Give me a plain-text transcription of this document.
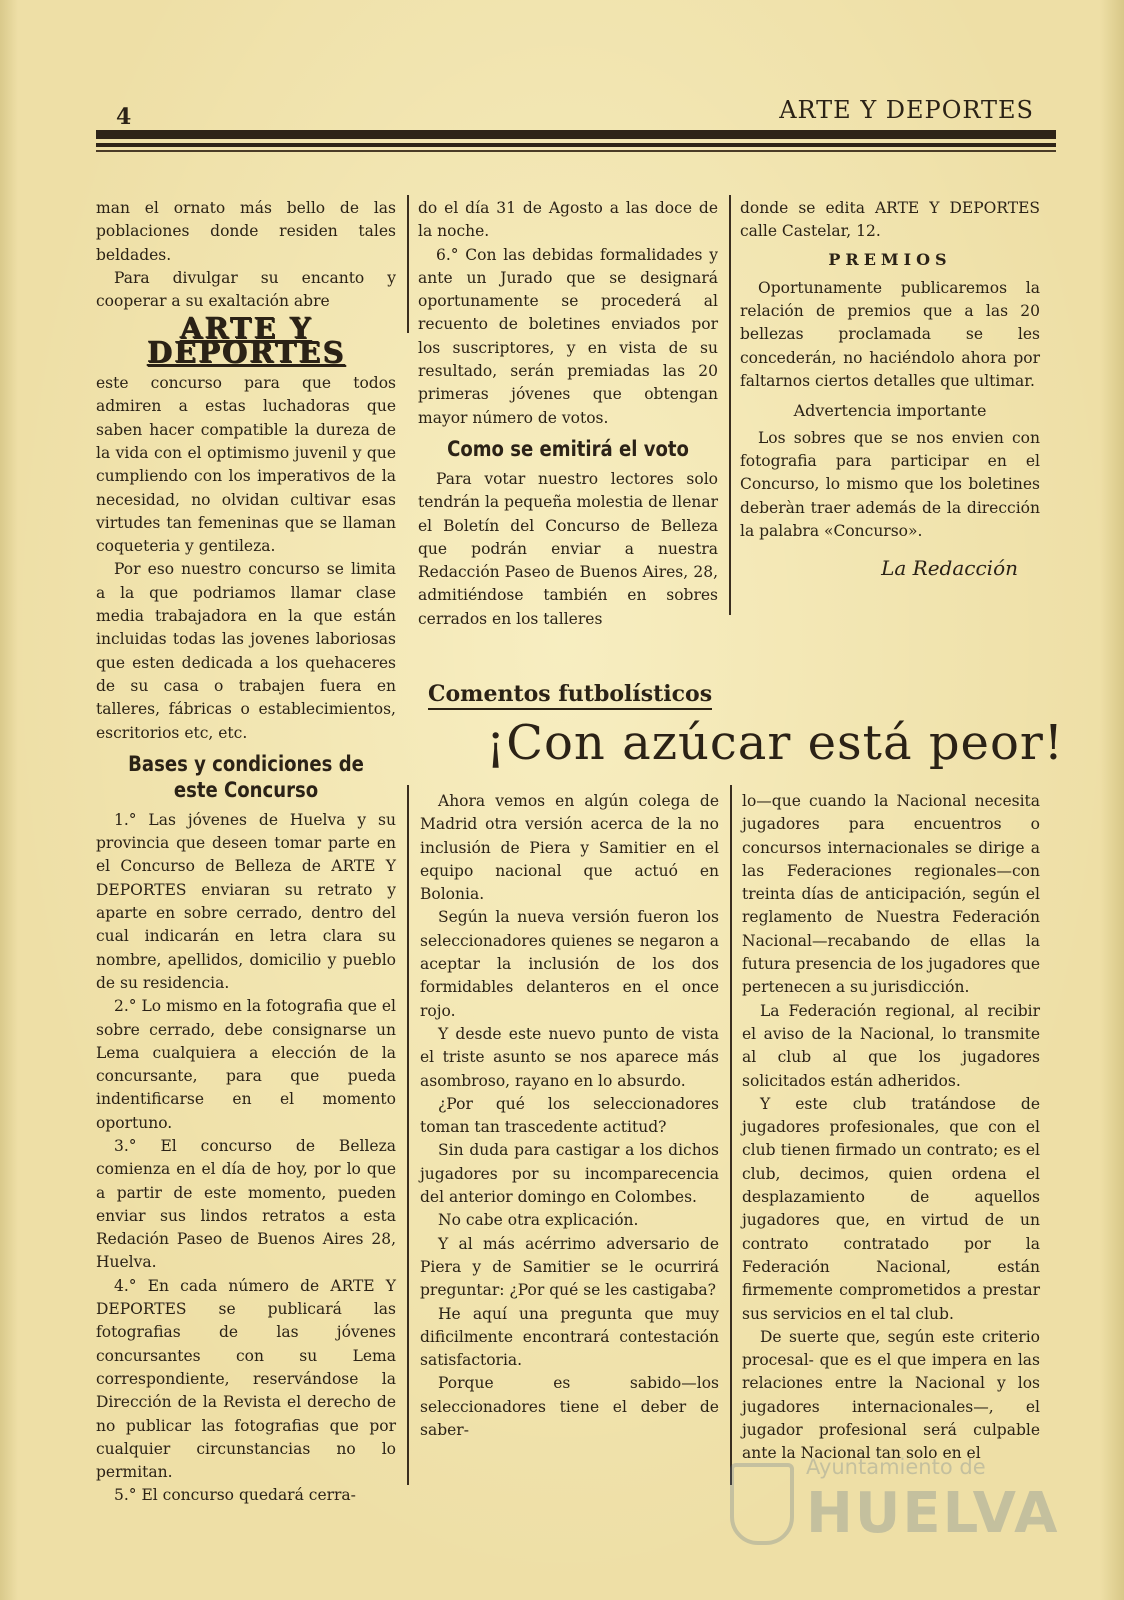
4	ARTE Y DEPORTES

man el ornato más bello de las poblaciones donde residen tales beldades.

Para divulgar su encanto y cooperar a su exaltación abre

ARTE Y DEPORTES

este concurso para que todos admiren a estas luchadoras que saben hacer compatible la dureza de la vida con el optimismo juvenil y que cumpliendo con los imperativos de la necesidad, no olvidan cultivar esas virtudes tan femeninas que se llaman coqueteria y gentileza.

Por eso nuestro concurso se limita a la que podriamos llamar clase media trabajadora en la que están incluidas todas las jovenes laboriosas que esten dedicada a los quehaceres de su casa o trabajen fuera en talleres, fábricas o establecimientos, escritorios etc, etc.

Bases y condiciones de este Concurso

1.° Las jóvenes de Huelva y su provincia que deseen tomar parte en el Concurso de Belleza de ARTE Y DEPORTES enviaran su retrato y aparte en sobre cerrado, dentro del cual indicarán en letra clara su nombre, apellidos, domicilio y pueblo de su residencia.

2.° Lo mismo en la fotografia que el sobre cerrado, debe consignarse un Lema cualquiera a elección de la concursante, para que pueda indentificarse en el momento oportuno.

3.° El concurso de Belleza comienza en el día de hoy, por lo que a partir de este momento, pueden enviar sus lindos retratos a esta Redación Paseo de Buenos Aires 28, Huelva.

4.° En cada número de ARTE Y DEPORTES se publicará las fotografias de las jóvenes concursantes con su Lema correspondiente, reservándose la Dirección de la Revista el derecho de no publicar las fotografias que por cualquier circunstancias no lo permitan.

5.° El concurso quedará cerra-

do el día 31 de Agosto a las doce de la noche.

6.° Con las debidas formalidades y ante un Jurado que se designará oportunamente se procederá al recuento de boletines enviados por los suscriptores, y en vista de su resultado, serán premiadas las 20 primeras jóvenes que obtengan mayor número de votos.

Como se emitirá el voto

Para votar nuestro lectores solo tendrán la pequeña molestia de llenar el Boletín del Concurso de Belleza que podrán enviar a nuestra Redacción Paseo de Buenos Aires, 28, admitiéndose también en sobres cerrados en los talleres

donde se edita ARTE Y DEPORTES calle Castelar, 12.

PREMIOS

Oportunamente publicaremos la relación de premios que a las 20 bellezas proclamada se les concederán, no haciéndolo ahora por faltarnos ciertos detalles que ultimar.

Advertencia importante

Los sobres que se nos envien con fotografia para participar en el Concurso, lo mismo que los boletines deberàn traer además de la dirección la palabra «Concurso».

La Redacción
Comentos futbolísticos
¡Con azúcar está peor!

Ahora vemos en algún colega de Madrid otra versión acerca de la no inclusión de Piera y Samitier en el equipo nacional que actuó en Bolonia.

Según la nueva versión fueron los seleccionadores quienes se negaron a aceptar la inclusión de los dos formidables delanteros en el once rojo.

Y desde este nuevo punto de vista el triste asunto se nos aparece más asombroso, rayano en lo absurdo.

¿Por qué los seleccionadores toman tan trascedente actitud?

Sin duda para castigar a los dichos jugadores por su incomparecencia del anterior domingo en Colombes.

No cabe otra explicación.

Y al más acérrimo adversario de Piera y de Samitier se le ocurrirá preguntar: ¿Por qué se les castigaba?

He aquí una pregunta que muy dificilmente encontrará contestación satisfactoria.

Porque es sabido—los seleccionadores tiene el deber de saber-

lo—que cuando la Nacional necesita jugadores para encuentros o concursos internacionales se dirige a las Federaciones regionales—con treinta días de anticipación, según el reglamento de Nuestra Federación Nacional—recabando de ellas la futura presencia de los jugadores que pertenecen a su jurisdicción.

La Federación regional, al recibir el aviso de la Nacional, lo transmite al club al que los jugadores solicitados están adheridos.

Y este club tratándose de jugadores profesionales, que con el club tienen firmado un contrato; es el club, decimos, quien ordena el desplazamiento de aquellos jugadores que, en virtud de un contrato contratado por la Federación Nacional, están firmemente comprometidos a prestar sus servicios en el tal club.

De suerte que, según este criterio procesal- que es el que impera en las relaciones entre la Nacional y los jugadores internacionales—, el jugador profesional será culpable ante la Nacional tan solo en el

Ayuntamiento de
HUELVA
